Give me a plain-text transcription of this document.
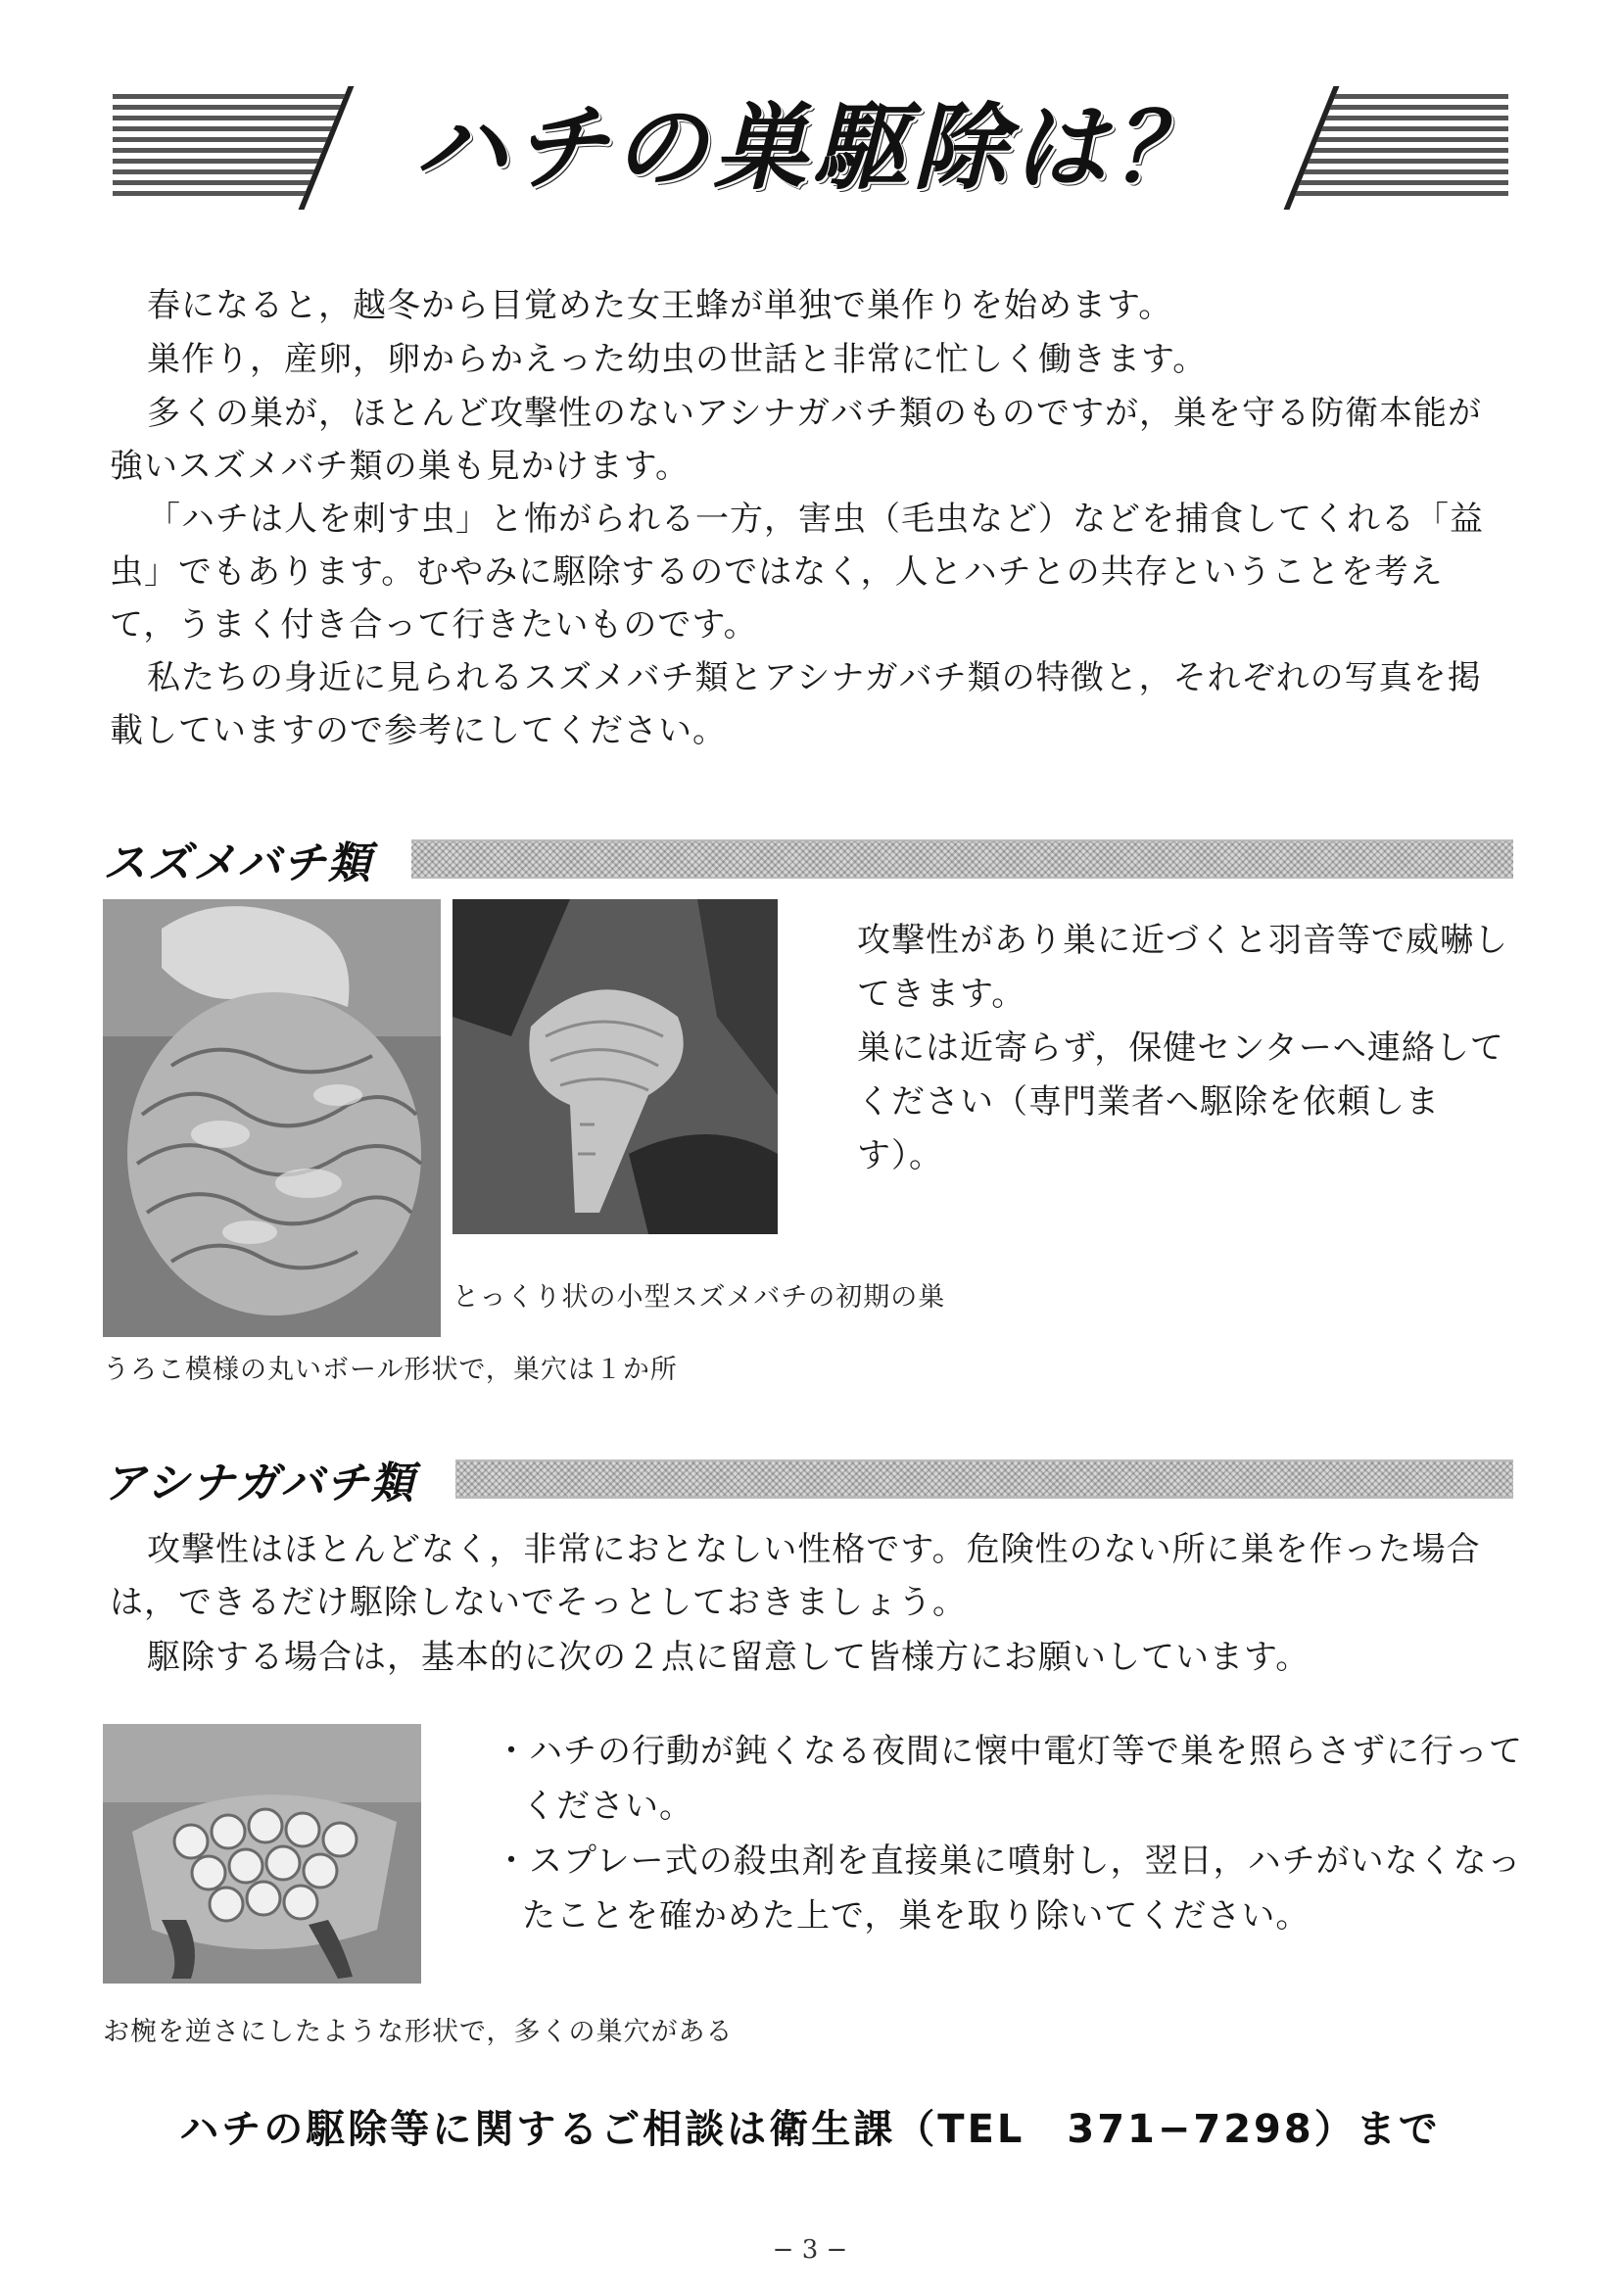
ハチの巣駆除は？
春になると，越冬から目覚めた女王蜂が単独で巣作りを始めます。
巣作り，産卵，卵からかえった幼虫の世話と非常に忙しく働きます。
多くの巣が，ほとんど攻撃性のないアシナガバチ類のものですが，巣を守る防衛本能が強いスズメバチ類の巣も見かけます。
「ハチは人を刺す虫」と怖がられる一方，害虫（毛虫など）などを捕食してくれる「益虫」でもあります。むやみに駆除するのではなく，人とハチとの共存ということを考えて，うまく付き合って行きたいものです。
私たちの身近に見られるスズメバチ類とアシナガバチ類の特徴と，それぞれの写真を掲載していますので参考にしてください。
スズメバチ類
とっくり状の小型スズメバチの初期の巣
うろこ模様の丸いボール形状で，巣穴は１か所
攻撃性があり巣に近づくと羽音等で威嚇してきます。
巣には近寄らず，保健センターへ連絡してください（専門業者へ駆除を依頼します）。
アシナガバチ類
攻撃性はほとんどなく，非常におとなしい性格です。危険性のない所に巣を作った場合は，できるだけ駆除しないでそっとしておきましょう。
駆除する場合は，基本的に次の２点に留意して皆様方にお願いしています。
・ハチの行動が鈍くなる夜間に懐中電灯等で巣を照らさずに行ってください。
・スプレー式の殺虫剤を直接巣に噴射し，翌日，ハチがいなくなったことを確かめた上で，巣を取り除いてください。
お椀を逆さにしたような形状で，多くの巣穴がある
ハチの駆除等に関するご相談は衛生課（TEL　371−7298）まで
− 3 −
